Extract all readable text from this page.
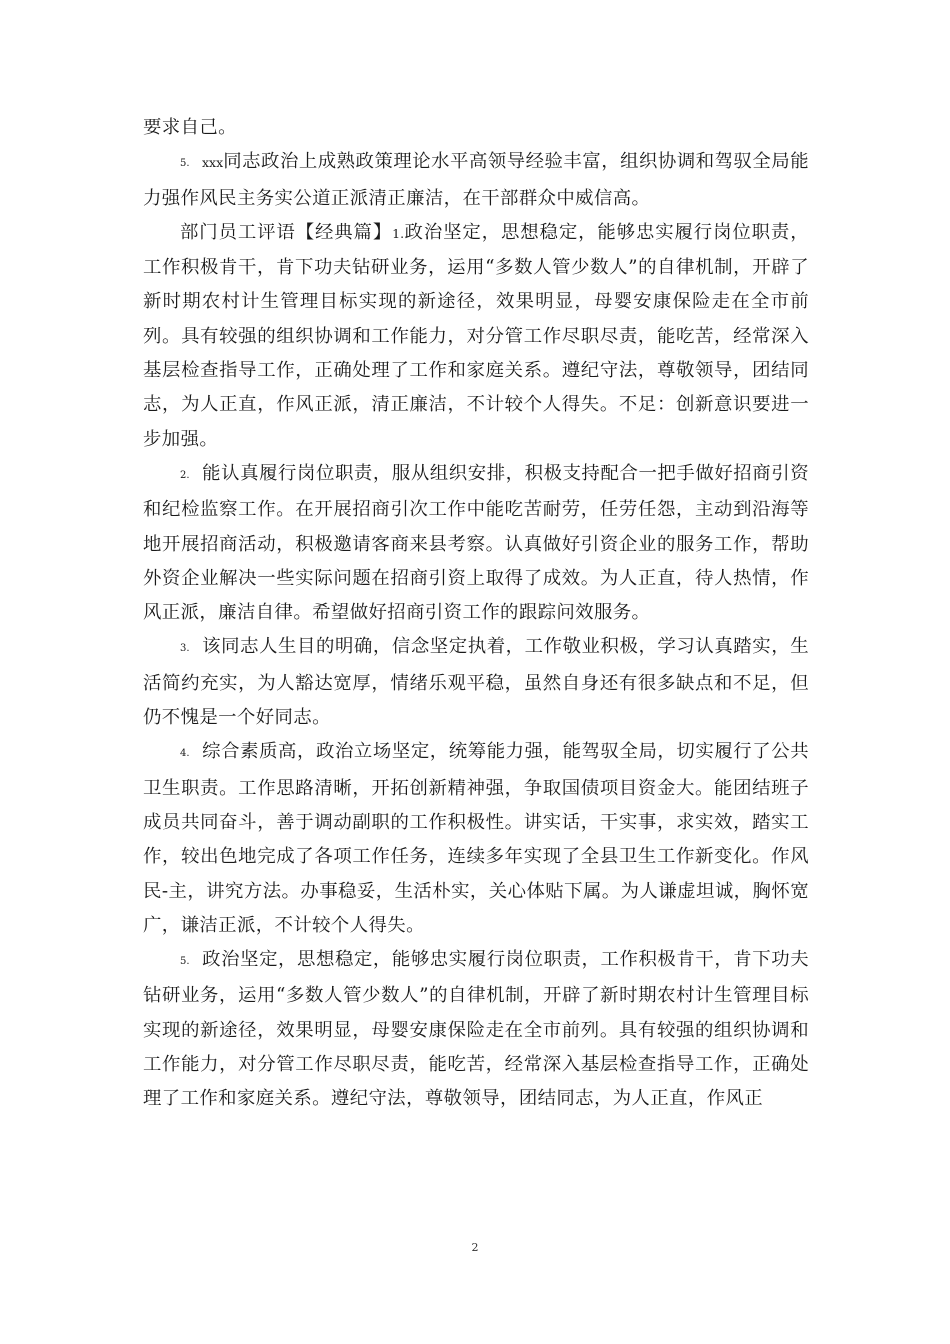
要求自己。

5. xxx同志政治上成熟政策理论水平高领导经验丰富，组织协调和驾驭全局能力强作风民主务实公道正派清正廉洁，在干部群众中威信高。

部门员工评语【经典篇】1.政治坚定，思想稳定，能够忠实履行岗位职责，工作积极肯干，肯下功夫钻研业务，运用“多数人管少数人”的自律机制，开辟了新时期农村计生管理目标实现的新途径，效果明显，母婴安康保险走在全市前列。具有较强的组织协调和工作能力，对分管工作尽职尽责，能吃苦，经常深入基层检查指导工作，正确处理了工作和家庭关系。遵纪守法，尊敬领导，团结同志，为人正直，作风正派，清正廉洁，不计较个人得失。不足：创新意识要进一步加强。

2. 能认真履行岗位职责，服从组织安排，积极支持配合一把手做好招商引资和纪检监察工作。在开展招商引次工作中能吃苦耐劳，任劳任怨，主动到沿海等地开展招商活动，积极邀请客商来县考察。认真做好引资企业的服务工作，帮助外资企业解决一些实际问题在招商引资上取得了成效。为人正直，待人热情，作风正派，廉洁自律。希望做好招商引资工作的跟踪问效服务。

3. 该同志人生目的明确，信念坚定执着，工作敬业积极，学习认真踏实，生活简约充实，为人豁达宽厚，情绪乐观平稳，虽然自身还有很多缺点和不足，但仍不愧是一个好同志。

4. 综合素质高，政治立场坚定，统筹能力强，能驾驭全局，切实履行了公共卫生职责。工作思路清晰，开拓创新精神强，争取国债项目资金大。能团结班子成员共同奋斗，善于调动副职的工作积极性。讲实话，干实事，求实效，踏实工作，较出色地完成了各项工作任务，连续多年实现了全县卫生工作新变化。作风民-主，讲究方法。办事稳妥，生活朴实，关心体贴下属。为人谦虚坦诚，胸怀宽广，谦洁正派，不计较个人得失。

5. 政治坚定，思想稳定，能够忠实履行岗位职责，工作积极肯干，肯下功夫钻研业务，运用“多数人管少数人”的自律机制，开辟了新时期农村计生管理目标实现的新途径，效果明显，母婴安康保险走在全市前列。具有较强的组织协调和工作能力，对分管工作尽职尽责，能吃苦，经常深入基层检查指导工作，正确处理了工作和家庭关系。遵纪守法，尊敬领导，团结同志，为人正直，作风正

2
